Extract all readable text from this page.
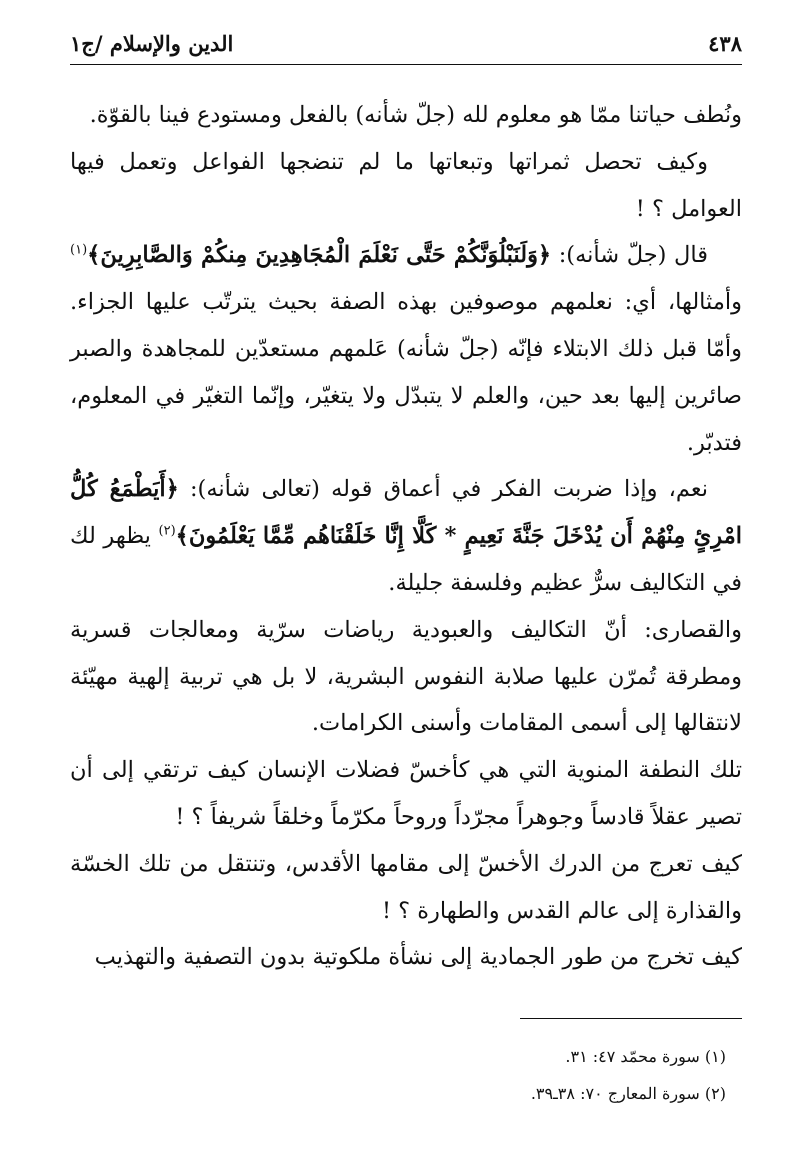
٤٣٨
الدين والإسلام /ج١

ونُطف حياتنا ممّا هو معلوم لله (جلّ شأنه) بالفعل ومستودع فينا بالقوّة.

وكيف تحصل ثمراتها وتبعاتها ما لم تنضجها الفواعل وتعمل فيها العوامل ؟ !

قال (جلّ شأنه): ﴿وَلَنَبْلُوَنَّكُمْ حَتَّى نَعْلَمَ الْمُجَاهِدِينَ مِنكُمْ وَالصَّابِرِينَ﴾$^{(١)}$ وأمثالها، أي: نعلمهم موصوفين بهذه الصفة بحيث يترتّب عليها الجزاء. وأمّا قبل ذلك الابتلاء فإنّه (جلّ شأنه) عَلمهم مستعدّين للمجاهدة والصبر صائرين إليها بعد حين، والعلم لا يتبدّل ولا يتغيّر، وإنّما التغيّر في المعلوم، فتدبّر.

نعم، وإذا ضربت الفكر في أعماق قوله (تعالى شأنه): ﴿أَيَطْمَعُ كُلُّ امْرِئٍ مِنْهُمْ أَن يُدْخَلَ جَنَّةَ نَعِيمٍ * كَلَّا إِنَّا خَلَقْنَاهُم مِّمَّا يَعْلَمُونَ﴾$^{(٢)}$ يظهر لك في التكاليف سرٌّ عظيم وفلسفة جليلة.

والقصارى: أنّ التكاليف والعبودية رياضات سرّية ومعالجات قسرية ومطرقة تُمرّن عليها صلابة النفوس البشرية، لا بل هي تربية إلهية مهيّئة لانتقالها إلى أسمى المقامات وأسنى الكرامات.

تلك النطفة المنوية التي هي كأخسّ فضلات الإنسان كيف ترتقي إلى أن تصير عقلاً قادساً وجوهراً مجرّداً وروحاً مكرّماً وخلقاً شريفاً ؟ !

كيف تعرج من الدرك الأخسّ إلى مقامها الأقدس، وتنتقل من تلك الخسّة والقذارة إلى عالم القدس والطهارة ؟ !

كيف تخرج من طور الجمادية إلى نشأة ملكوتية بدون التصفية والتهذيب

(١) سورة محمّد ٤٧: ٣١.

(٢) سورة المعارج ٧٠: ٣٨ـ٣٩.
